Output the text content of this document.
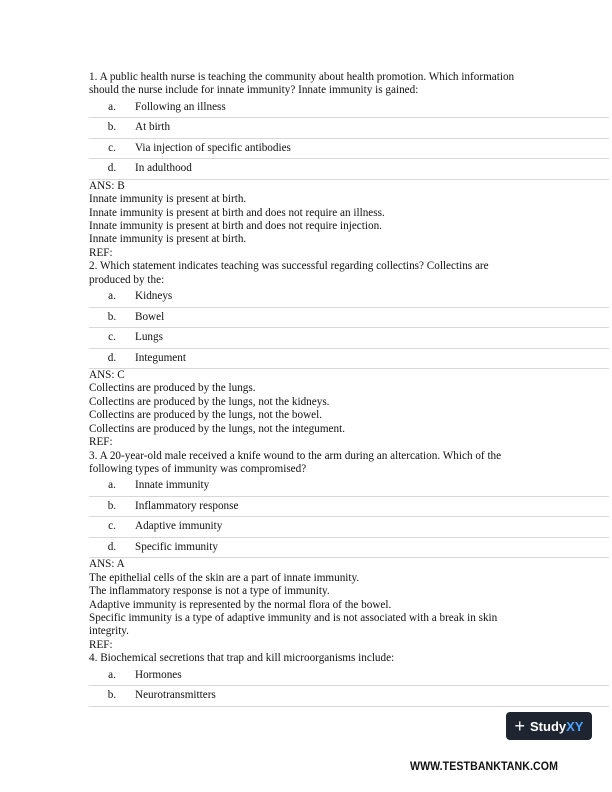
1. A public health nurse is teaching the community about health promotion. Which information should the nurse include for innate immunity? Innate immunity is gained:

a.	Following an illness
b.	At birth
c.	Via injection of specific antibodies
d.	In adulthood

ANS: B

Innate immunity is present at birth.

Innate immunity is present at birth and does not require an illness.

Innate immunity is present at birth and does not require injection.

Innate immunity is present at birth.

REF:

2. Which statement indicates teaching was successful regarding collectins? Collectins are produced by the:

a.	Kidneys
b.	Bowel
c.	Lungs
d.	Integument

ANS: C

Collectins are produced by the lungs.

Collectins are produced by the lungs, not the kidneys.

Collectins are produced by the lungs, not the bowel.

Collectins are produced by the lungs, not the integument.

REF:

3. A 20-year-old male received a knife wound to the arm during an altercation. Which of the following types of immunity was compromised?

a.	Innate immunity
b.	Inflammatory response
c.	Adaptive immunity
d.	Specific immunity

ANS: A

The epithelial cells of the skin are a part of innate immunity.

The inflammatory response is not a type of immunity.

Adaptive immunity is represented by the normal flora of the bowel.

Specific immunity is a type of adaptive immunity and is not associated with a break in skin integrity.

REF:

4. Biochemical secretions that trap and kill microorganisms include:

a.	Hormones
b.	Neurotransmitters
+ Study XY
WWW.TESTBANKTANK.COM
